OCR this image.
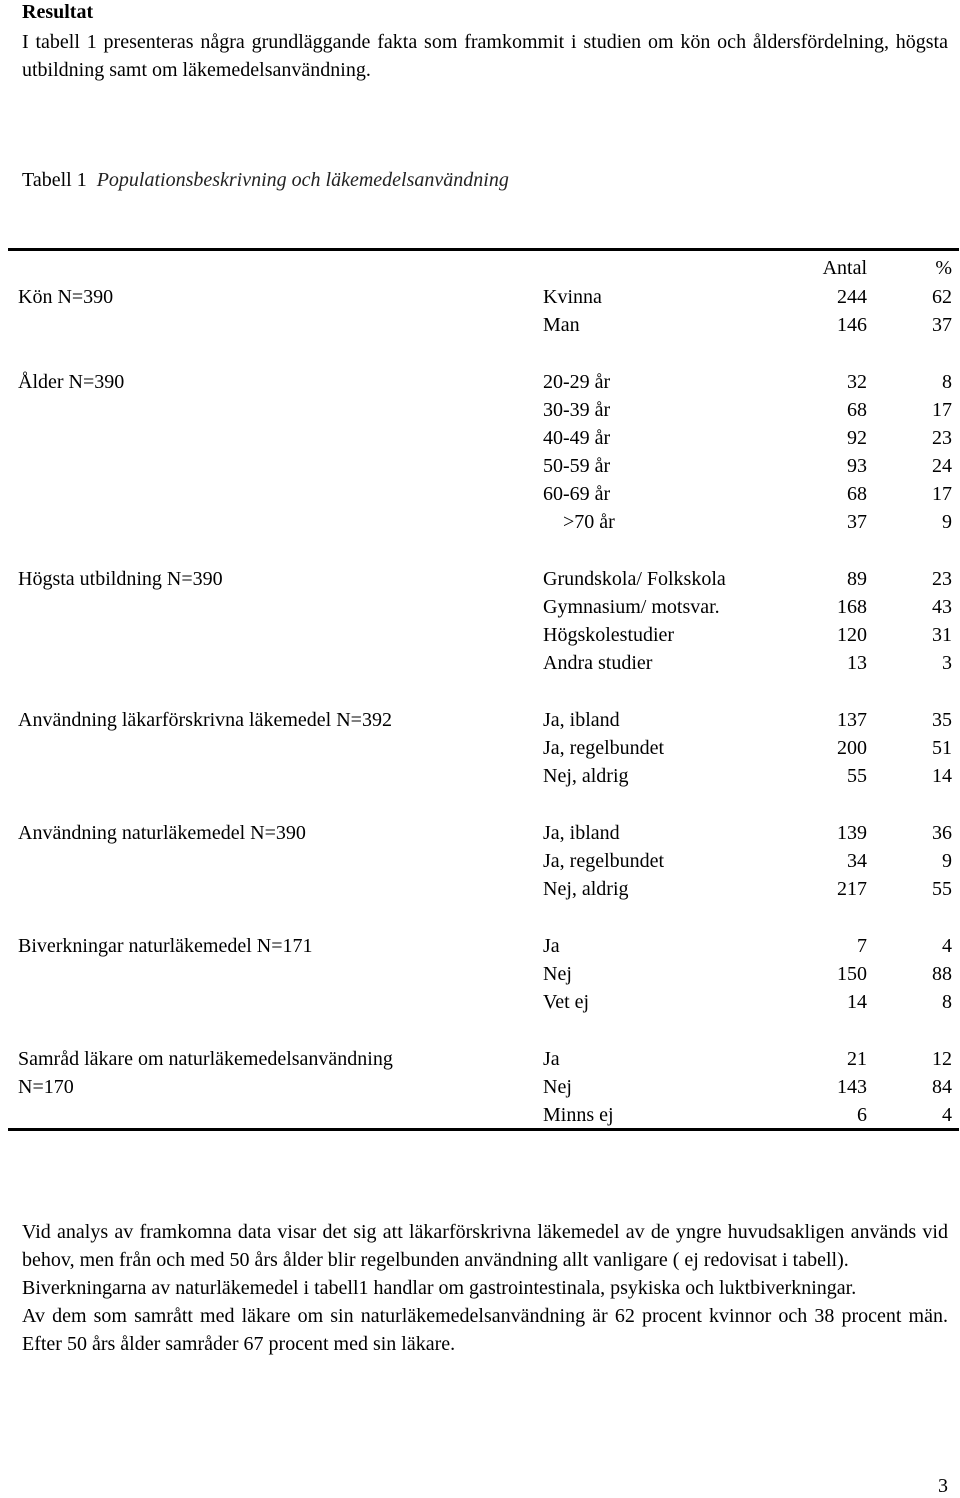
Resultat
I tabell 1 presenteras några grundläggande fakta som framkommit i studien om kön och åldersfördelning, högsta utbildning samt om läkemedelsanvändning.
Tabell 1 Populationsbeskrivning och läkemedelsanvändning
Antal	%
Kön N=390	Kvinna	244	62
Man	146	37
Ålder N=390	20-29 år	32	8
30-39 år	68	17
40-49 år	92	23
50-59 år	93	24
60-69 år	68	17
>70 år	37	9
Högsta utbildning N=390	Grundskola/ Folkskola	89	23
Gymnasium/ motsvar.	168	43
Högskolestudier	120	31
Andra studier	13	3
Användning läkarförskrivna läkemedel N=392	Ja, ibland	137	35
Ja, regelbundet	200	51
Nej, aldrig	55	14
Användning naturläkemedel N=390	Ja, ibland	139	36
Ja, regelbundet	34	9
Nej, aldrig	217	55
Biverkningar naturläkemedel N=171	Ja	7	4
Nej	150	88
Vet ej	14	8
Samråd läkare om naturläkemedelsanvändning	Ja	21	12
N=170	Nej	143	84
Minns ej	6	4

Vid analys av framkomna data visar det sig att läkarförskrivna läkemedel av de yngre huvudsakligen används vid behov, men från och med 50 års ålder blir regelbunden användning allt vanligare ( ej redovisat i tabell).

Biverkningarna av naturläkemedel i tabell1 handlar om gastrointestinala, psykiska och luktbiverkningar.

Av dem som samrått med läkare om sin naturläkemedelsanvändning är 62 procent kvinnor och 38 procent män. Efter 50 års ålder samråder 67 procent med sin läkare.

3
